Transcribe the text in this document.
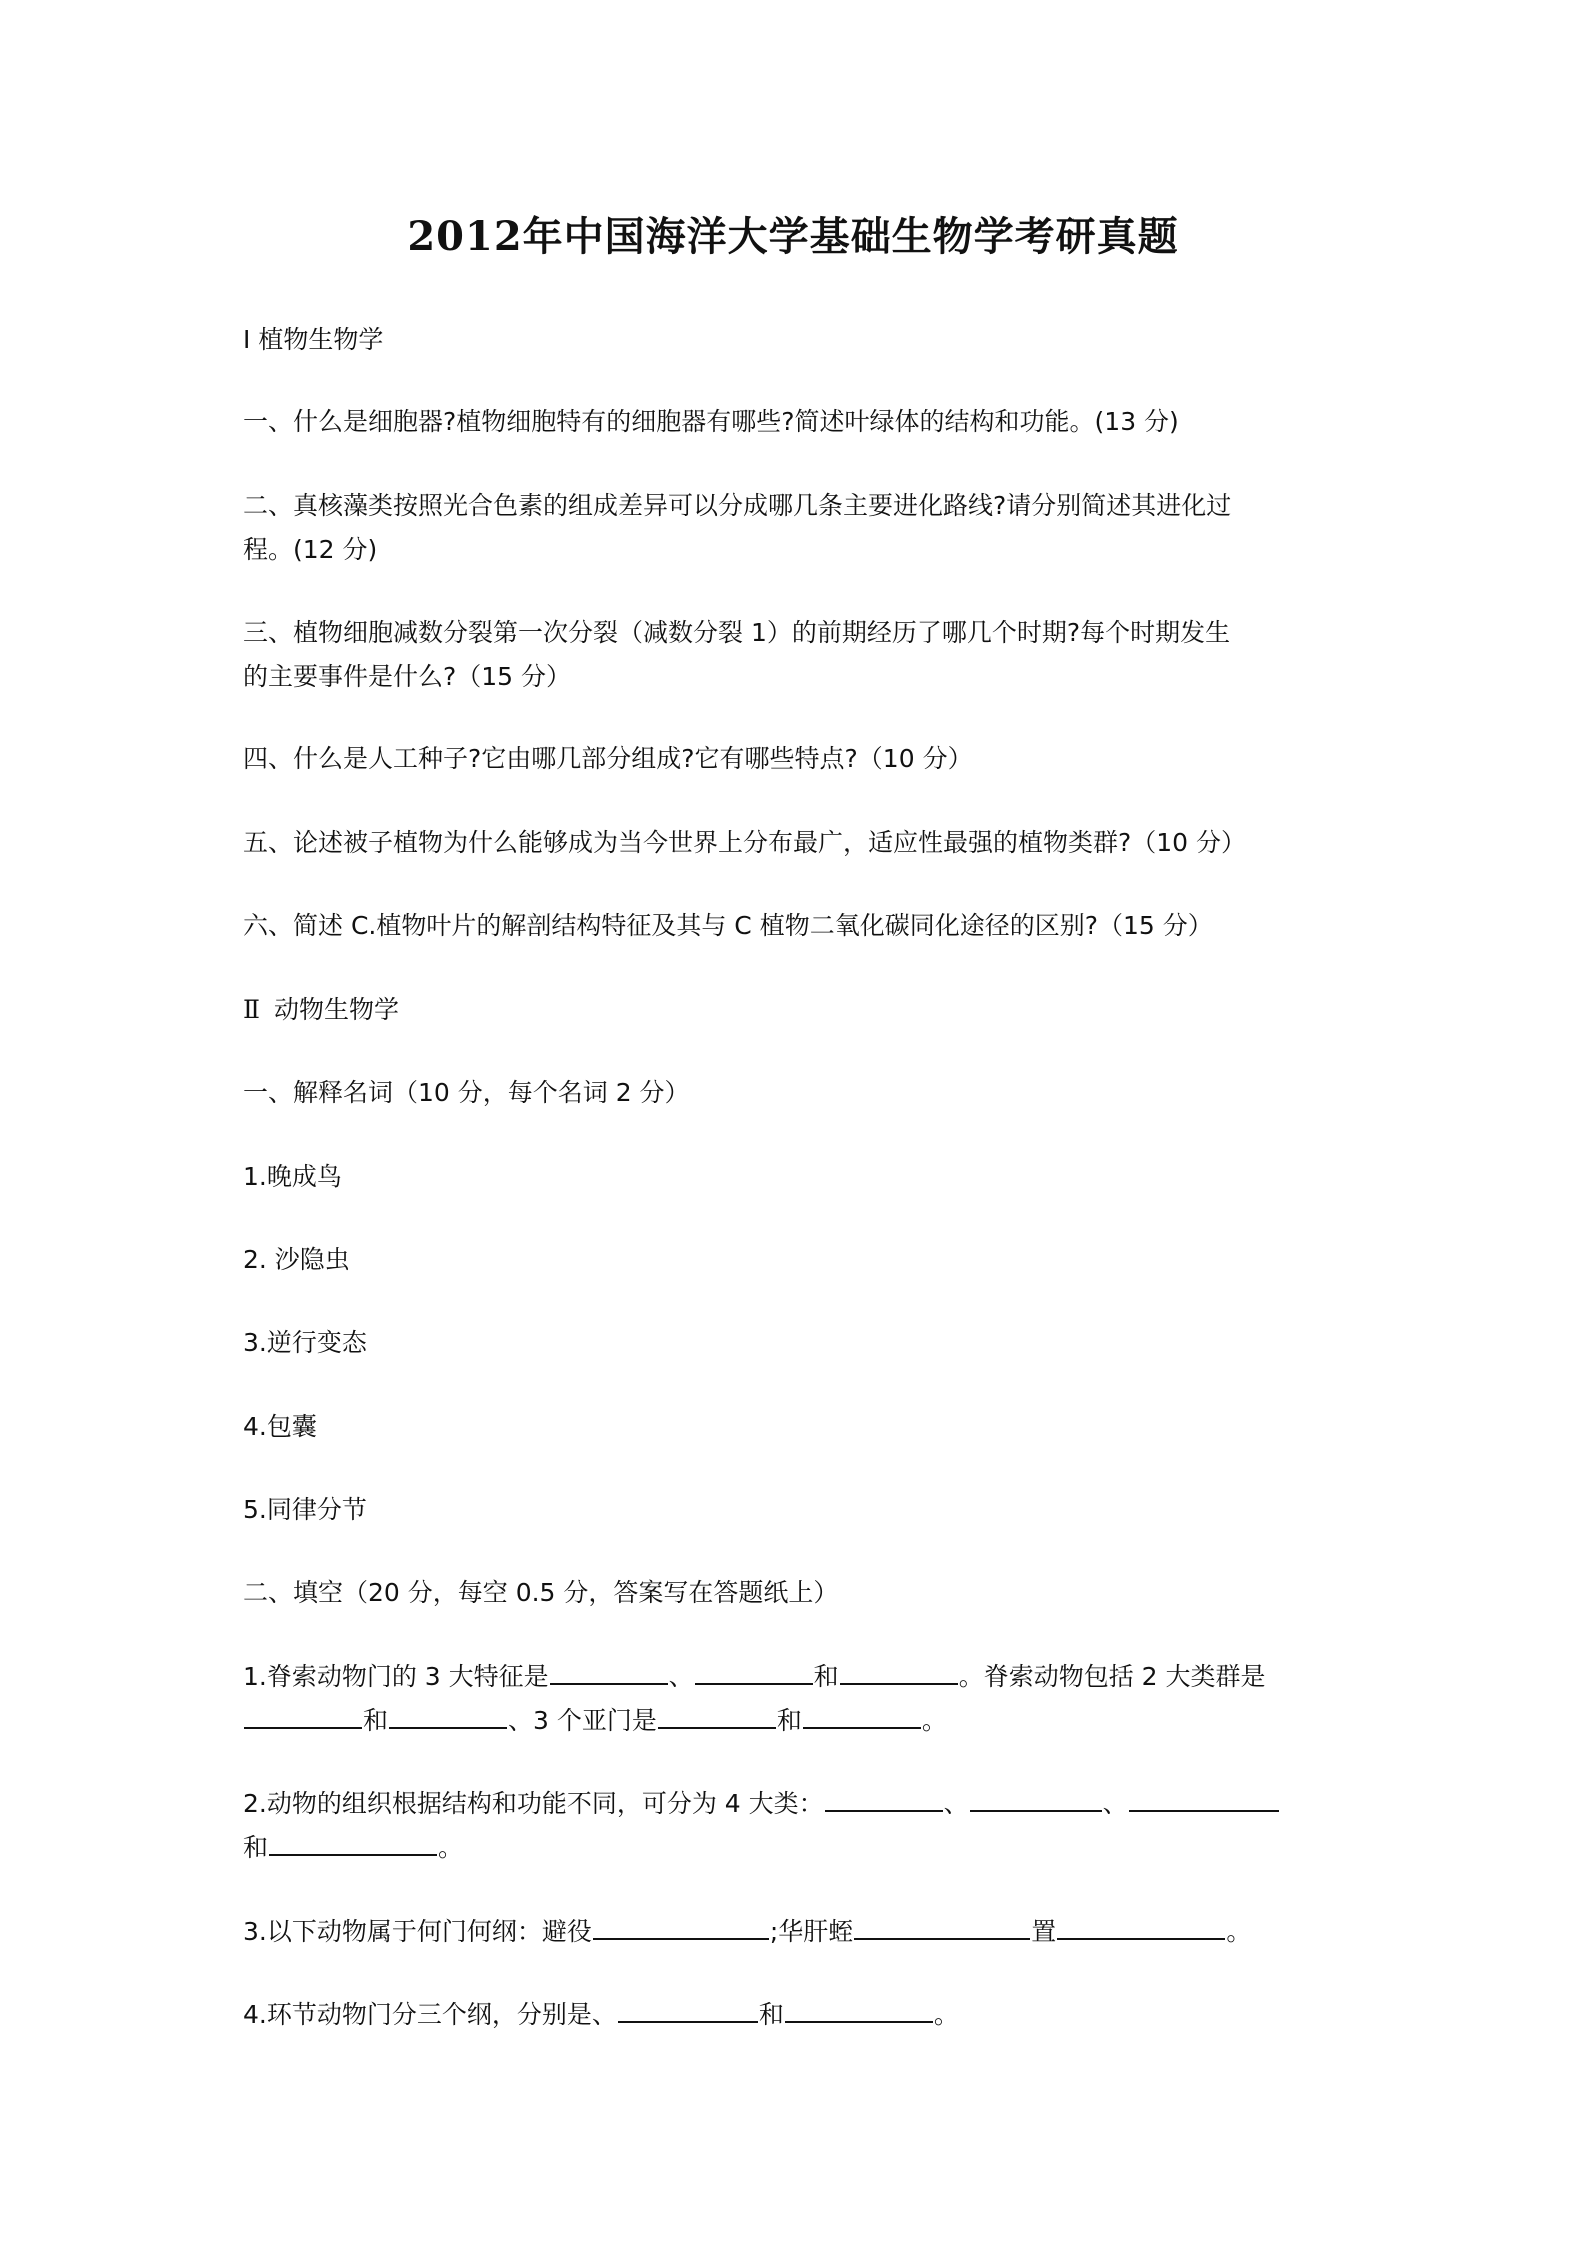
2012年中国海洋大学基础生物学考研真题
I 植物生物学
一、什么是细胞器?植物细胞特有的细胞器有哪些?简述叶绿体的结构和功能。(13 分)
二、真核藻类按照光合色素的组成差异可以分成哪几条主要进化路线?请分别简述其进化过
程。(12 分)
三、植物细胞减数分裂第一次分裂（减数分裂 1）的前期经历了哪几个时期?每个时期发生
的主要事件是什么?（15 分）
四、什么是人工种子?它由哪几部分组成?它有哪些特点?（10 分）
五、论述被子植物为什么能够成为当今世界上分布最广，适应性最强的植物类群?（10 分）
六、简述 C.植物叶片的解剖结构特征及其与 C 植物二氧化碳同化途径的区别?（15 分）
Ⅱ 动物生物学
一、解释名词（10 分，每个名词 2 分）
1.晚成鸟
2. 沙隐虫
3.逆行变态
4.包囊
5.同律分节
二、填空（20 分，每空 0.5 分，答案写在答题纸上）
1.脊索动物门的 3 大特征是	、	和	。脊索动物包括 2 大类群是
和	、3 个亚门是	和	。
2.动物的组织根据结构和功能不同，可分为 4 大类：	、	、
和	。
3.以下动物属于何门何纲：避役	;华肝蛭	置	。
4.环节动物门分三个纲，分别是、	和	。
